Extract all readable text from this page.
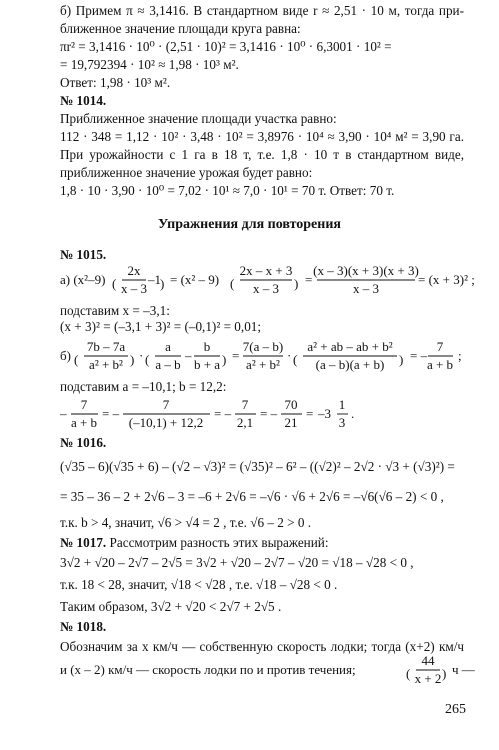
б) Примем π ≈ 3,1416. В стандартном виде r ≈ 2,51 · 10 м, тогда при-
ближенное значение площади круга равна:
πr² = 3,1416 · 10⁰ · (2,51 · 10)² = 3,1416 · 10⁰ · 6,3001 · 10² =
= 19,792394 · 10² ≈ 1,98 · 10³ м².
Ответ: 1,98 · 10³ м².
№ 1014.
Приближенное значение площади участка равно:
112 · 348 = 1,12 · 10² · 3,48 · 10² = 3,8976 · 10⁴ ≈ 3,90 · 10⁴ м² = 3,90 га.
При урожайности с 1 га в 18 т, т.е. 1,8 · 10 т в стандартном виде,
приближенное значение урожая будет равно:
1,8 · 10 · 3,90 · 10⁰ = 7,02 · 10¹ ≈ 7,0 · 10¹ = 70 т. Ответ: 70 т.
Упражнения для повторения
№ 1015.
а) (x²–9) (
2x
x – 3
–1 ) = (x² – 9) (
2x – x + 3
x – 3 ) =
(x – 3)(x + 3)(x + 3)
x – 3
= (x + 3)² ;
подставим x = –3,1:
(x + 3)² = (–3,1 + 3)² = (–0,1)² = 0,01;
б) (
7b – 7a
a² + b² ) · (
a
a – b
–
b
b + a ) =
7(a – b)
a² + b²
· (
a² + ab – ab + b²
(a – b)(a + b) ) = –
7
a + b
;
подставим a = –10,1; b = 12,2:
–
7
a + b
= –
7
(–10,1) + 12,2
= –
7
2,1
= –
70
21
= –3
1
3
.
№ 1016.
(√35 – 6)(√35 + 6) – (√2 – √3)² = (√35)² – 6² – ((√2)² – 2√2 · √3 + (√3)²) =
= 35 – 36 – 2 + 2√6 – 3 = –6 + 2√6 = –√6 · √6 + 2√6 = –√6(√6 – 2) < 0 ,
т.к. b > 4, значит, √6 > √4 = 2 , т.е. √6 – 2 > 0 .
№ 1017. Рассмотрим разность этих выражений:
3√2 + √20 – 2√7 – 2√5 = 3√2 + √20 – 2√7 – √20 = √18 – √28 < 0 ,
т.к. 18 < 28, значит, √18 < √28 , т.е. √18 – √28 < 0 .
Таким образом, 3√2 + √20 < 2√7 + 2√5 .
№ 1018.
Обозначим за x км/ч — собственную скорость лодки; тогда (x+2) км/ч
и (x – 2) км/ч — скорость лодки по и против течения;	(
44
x + 2 ) ч —
265
